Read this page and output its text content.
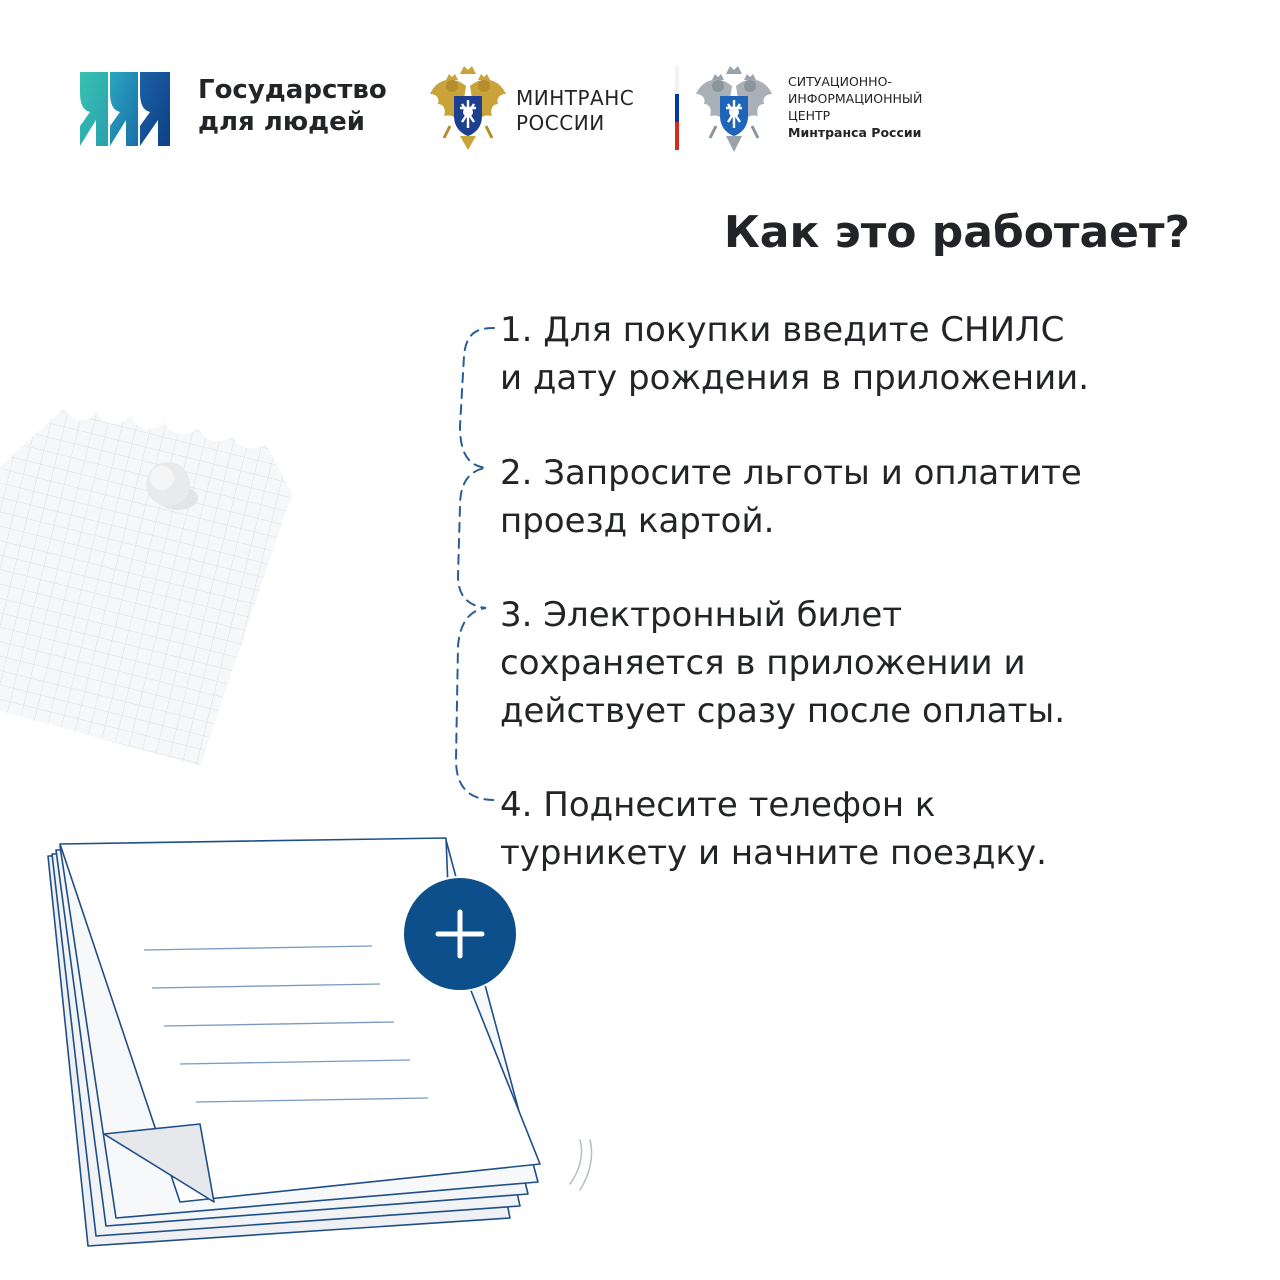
Государство
для людей
МИНТРАНС
РОССИИ
СИТУАЦИОННО-
ИНФОРМАЦИОННЫЙ
ЦЕНТР
Минтранса России
Как это работает?
1. Для покупки введите СНИЛС
и дату рождения в приложении.
2. Запросите льготы и оплатите
проезд картой.
3. Электронный билет
сохраняется в приложении и
действует сразу после оплаты.
4. Поднесите телефон к
турникету и начните поездку.
